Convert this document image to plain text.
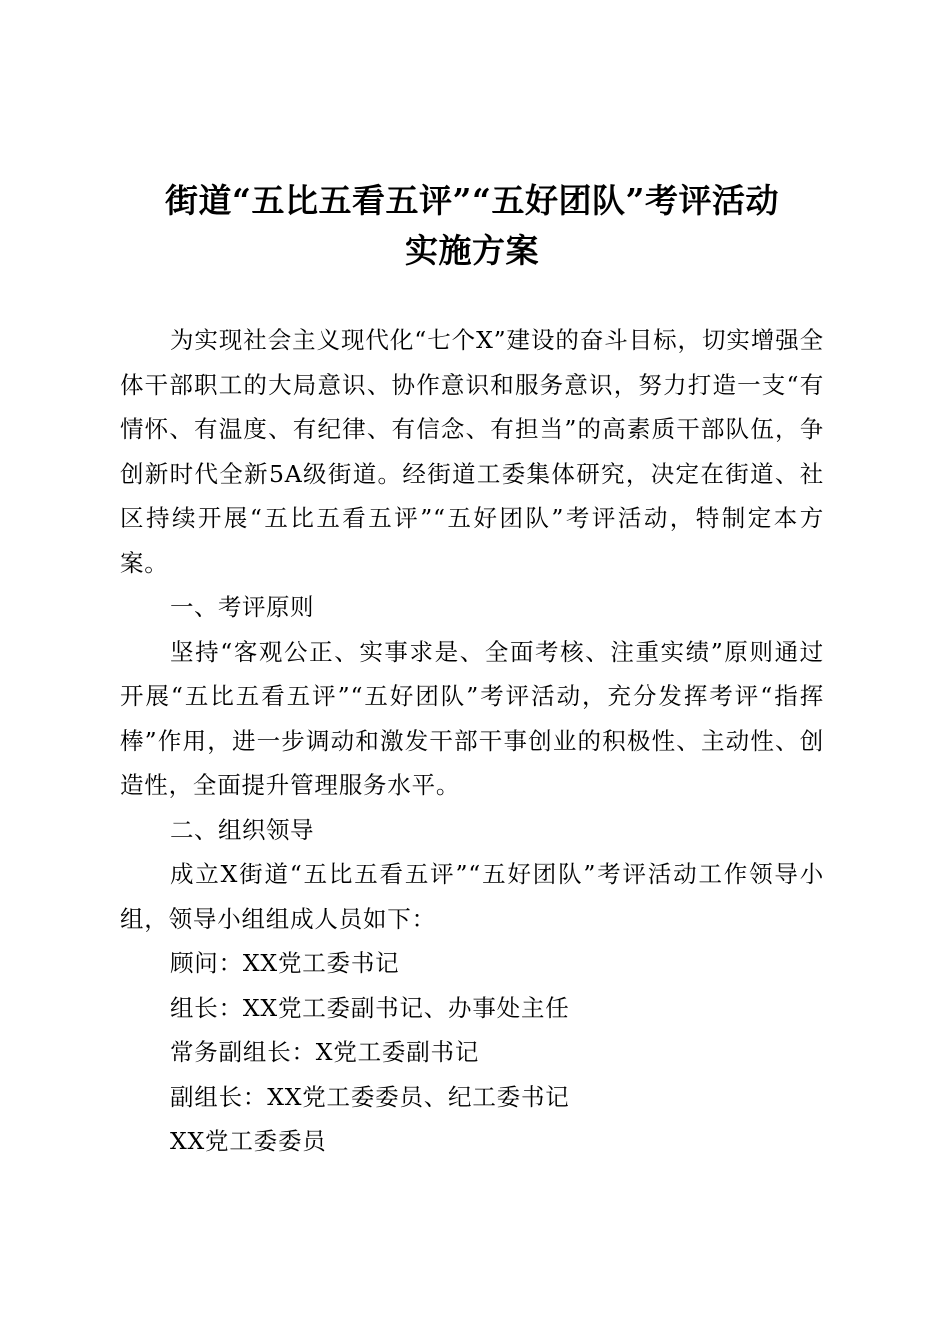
街道“五比五看五评”“五好团队”考评活动
实施方案

为实现社会主义现代化“七个X”建设的奋斗目标，切实增强全体干部职工的大局意识、协作意识和服务意识，努力打造一支“有情怀、有温度、有纪律、有信念、有担当”的高素质干部队伍，争创新时代全新5A级街道。经街道工委集体研究，决定在街道、社区持续开展“五比五看五评”“五好团队”考评活动，特制定本方案。

一、考评原则

坚持“客观公正、实事求是、全面考核、注重实绩”原则通过开展“五比五看五评”“五好团队”考评活动，充分发挥考评“指挥棒”作用，进一步调动和激发干部干事创业的积极性、主动性、创造性，全面提升管理服务水平。

二、组织领导

成立X街道“五比五看五评”“五好团队”考评活动工作领导小组，领导小组组成人员如下：

顾问：XX党工委书记

组长：XX党工委副书记、办事处主任

常务副组长：X党工委副书记

副组长：XX党工委委员、纪工委书记

XX党工委委员
